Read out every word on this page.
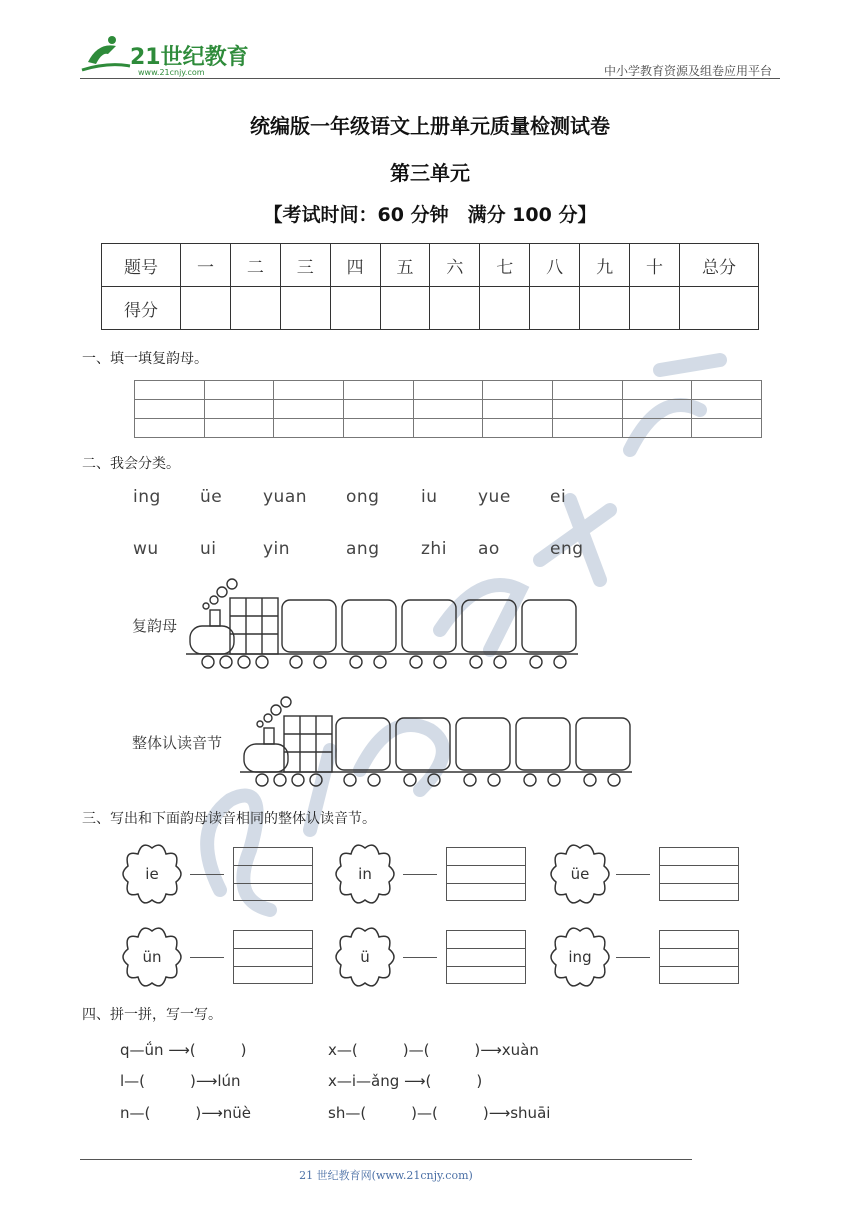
21世纪教育
www.21cnjy.com	中小学教育资源及组卷应用平台
统编版一年级语文上册单元质量检测试卷
第三单元
【考试时间：60 分钟　满分 100 分】
题号	一	二	三	四	五	六	七	八	九	十	总分
得分											
一、填一填复韵母。

二、我会分类。
ing üe yuan ong iu yue ei
wu ui	yin	ang zhi ao	eng
复韵母
整体认读音节
三、写出和下面韵母读音相同的整体认读音节。
ie	in	üe
ün	ü	ing
四、拼一拼，写一写。
q—ǘn ⟶(　　　)	x—(　　　)—(　　　)⟶xuàn
l—(　　　)⟶lún	x—i—ǎng ⟶(　　　)
n—(　　　)⟶nüè	sh—(　　　)—(　　　)⟶shuāi
21 世纪教育网(www.21cnjy.com)
